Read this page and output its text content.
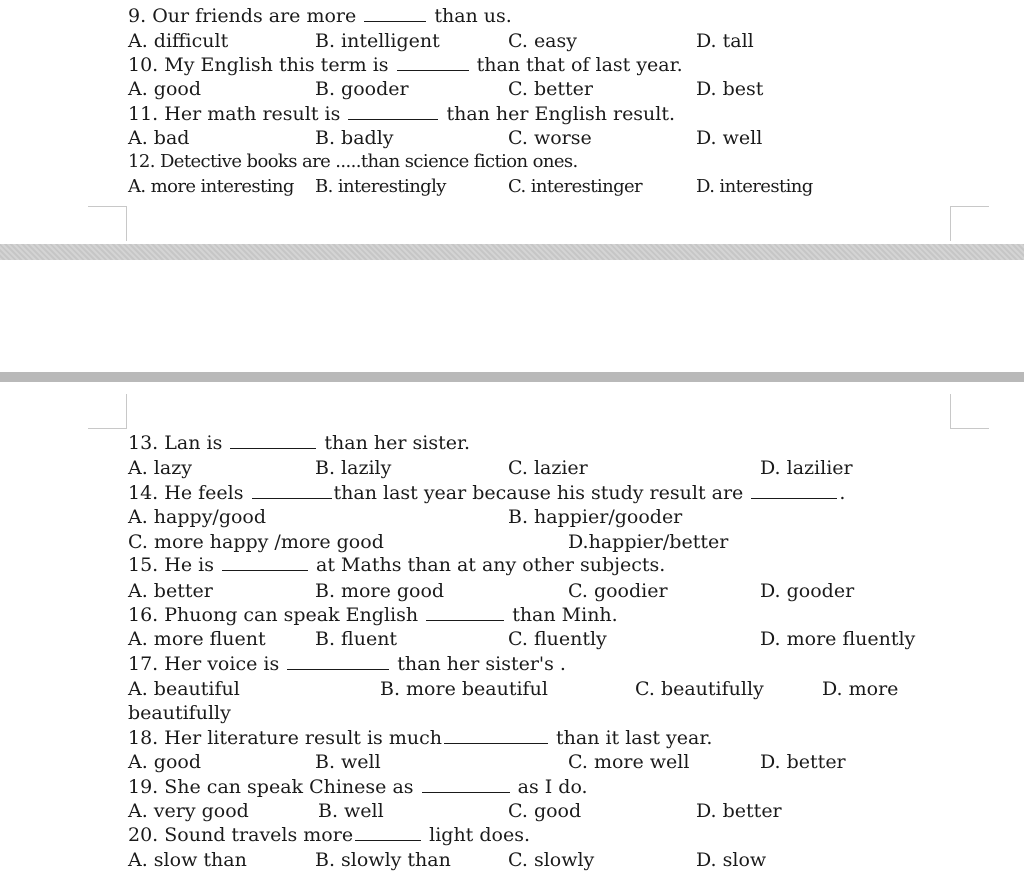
9. Our friends are more	than us.
A. difficult	B. intelligent	C. easy	D. tall
10. My English this term is	than that of last year.
A. good	B. gooder	C. better	D. best
11. Her math result is	than her English result.
A. bad	B. badly	C. worse	D. well
12. Detective books are .....than science fiction ones.
A. more interesting B. interestingly	C. interestinger	D. interesting
13. Lan is	than her sister.
A. lazy	B. lazily	C. lazier	D. lazilier
14. He feels	than last year because his study result are	.
A. happy/good	B. happier/gooder
C. more happy /more good	D.happier/better
15. He is	at Maths than at any other subjects.
A. better	B. more good	C. goodier	D. gooder
16. Phuong can speak English	than Minh.
A. more fluent	B. fluent	C. fluently	D. more fluently
17. Her voice is	than her sister's .
A. beautiful	B. more beautiful	C. beautifully	D. more
beautifully
18. Her literature result is much	than it last year.
A. good	B. well	C. more well	D. better
19. She can speak Chinese as	as I do.
A. very good	B. well	C. good	D. better
20. Sound travels more	light does.
A. slow than	B. slowly than	C. slowly	D. slow
